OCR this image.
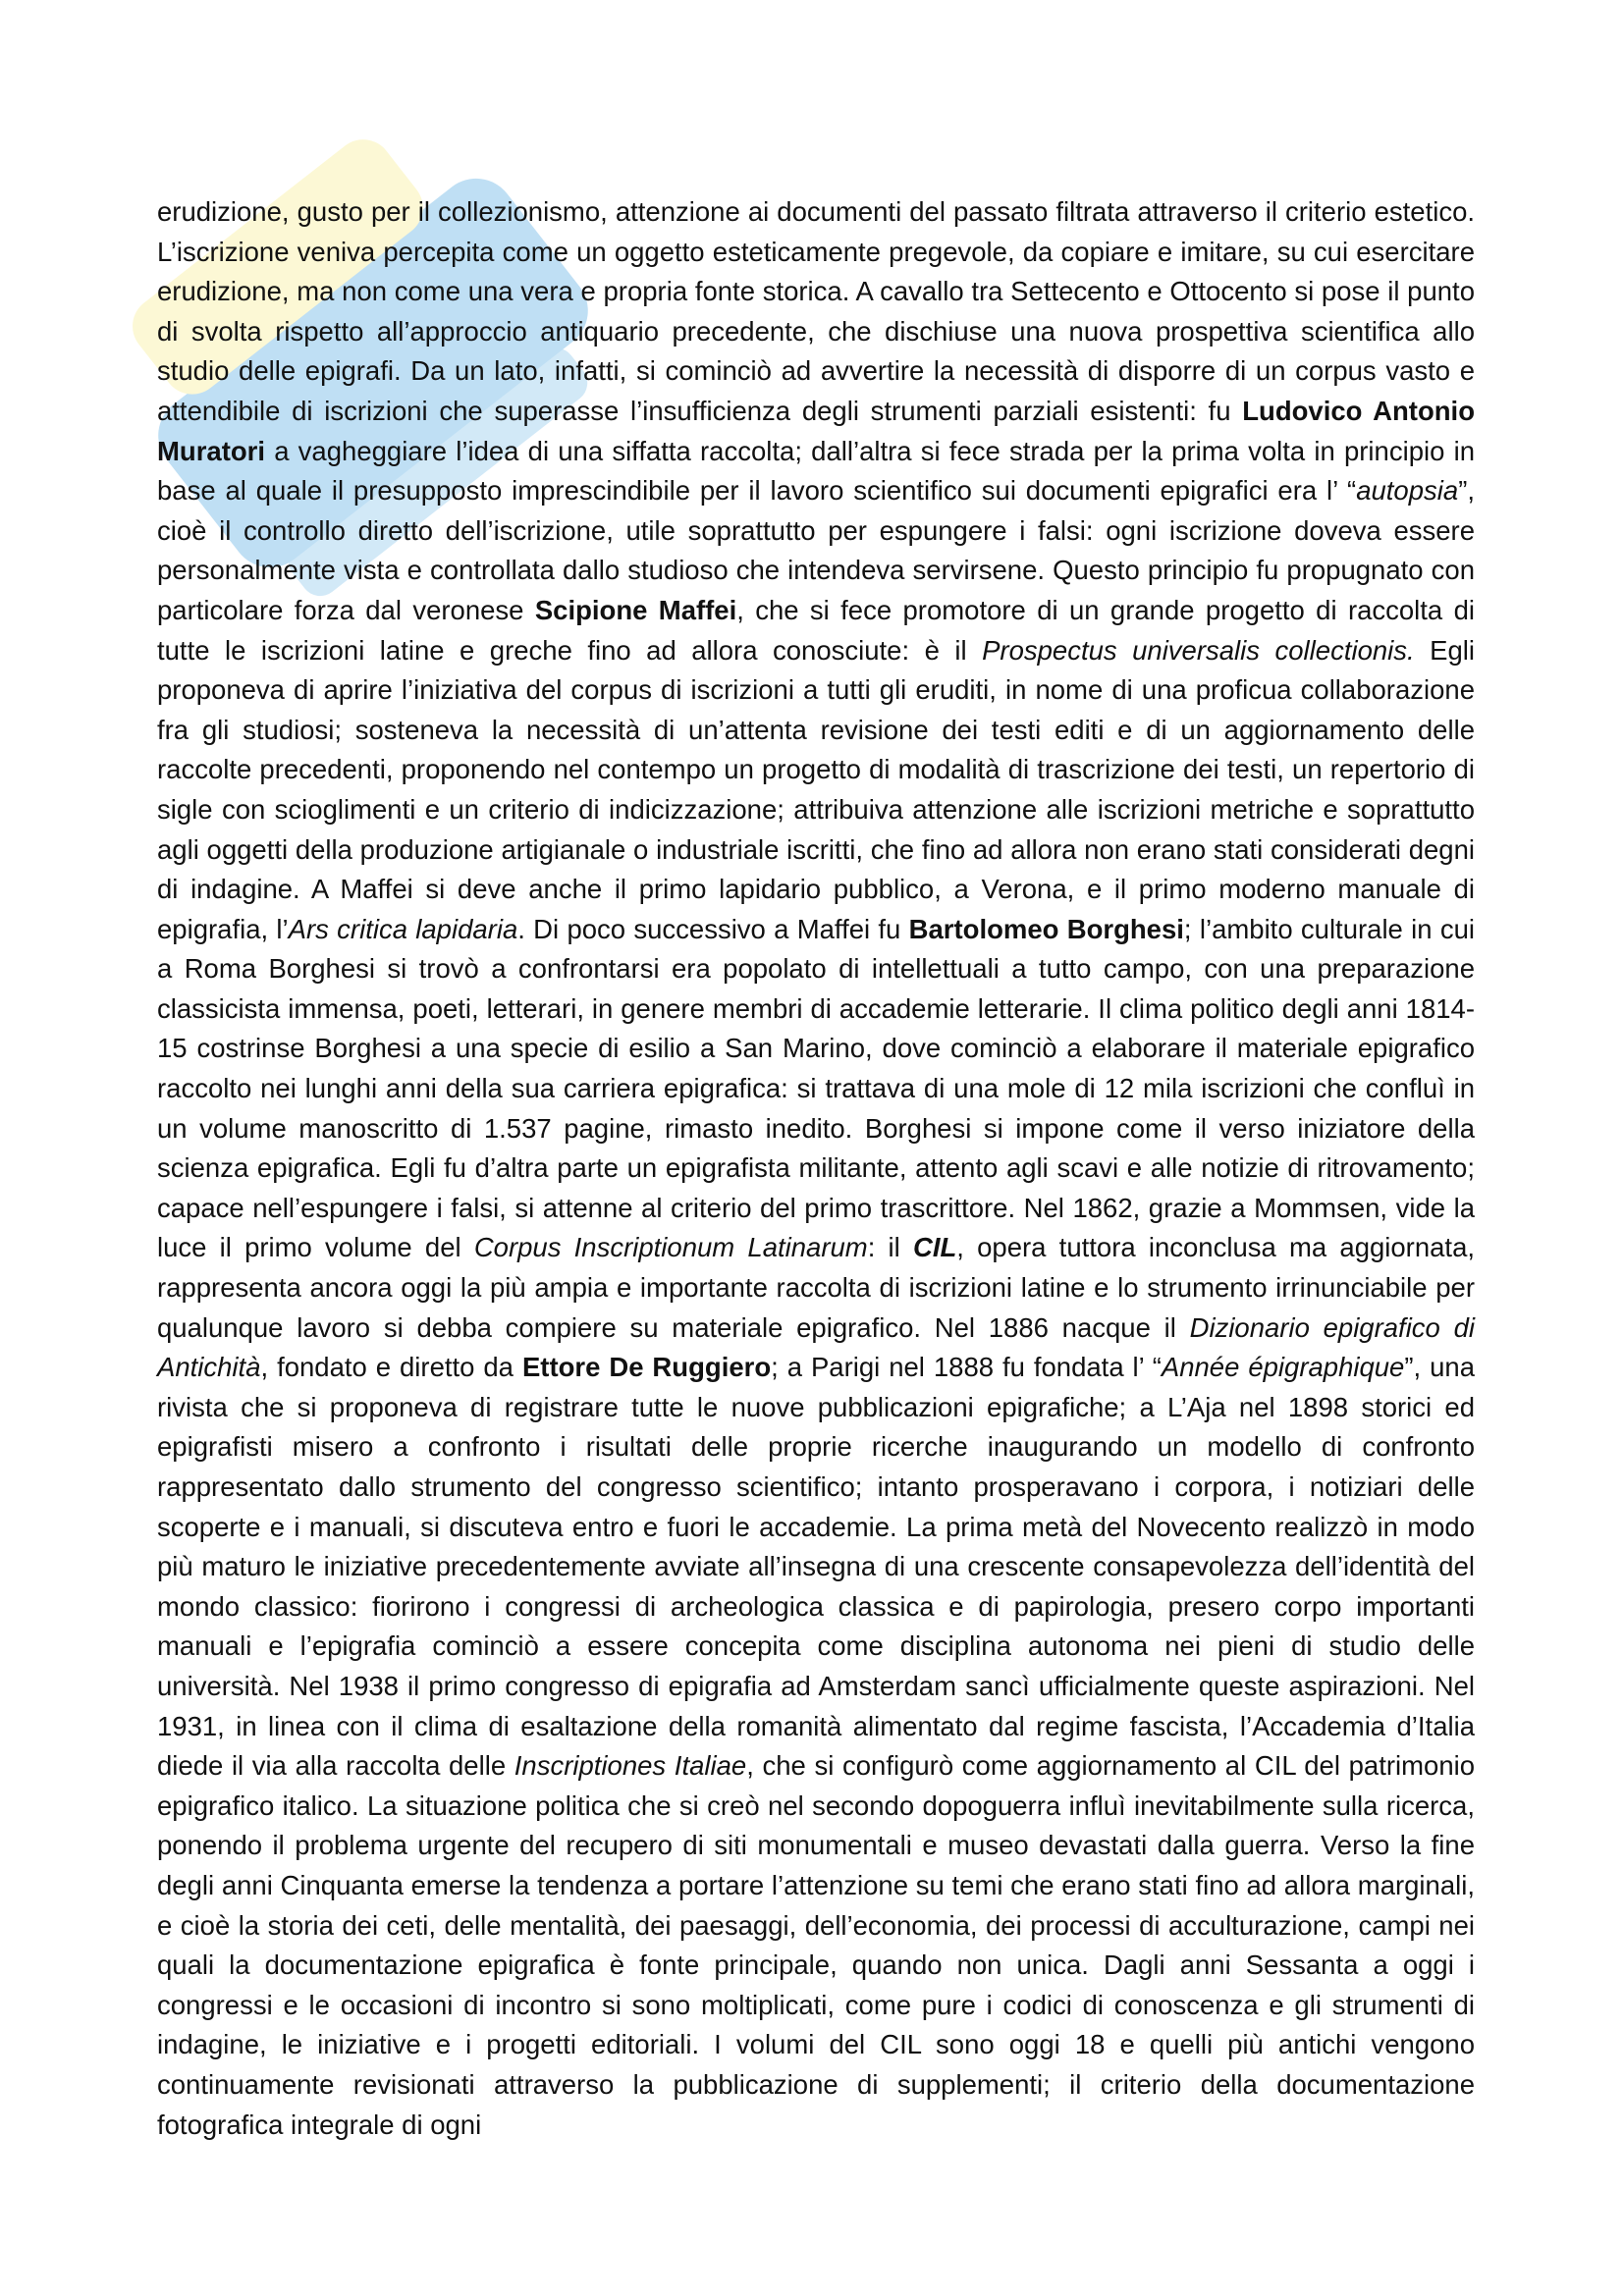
erudizione, gusto per il collezionismo, attenzione ai documenti del passato filtrata attraverso il criterio estetico. L’iscrizione veniva percepita come un oggetto esteticamente pregevole, da copiare e imitare, su cui esercitare erudizione, ma non come una vera e propria fonte storica. A cavallo tra Settecento e Ottocento si pose il punto di svolta rispetto all’approccio antiquario precedente, che dischiuse una nuova prospettiva scientifica allo studio delle epigrafi. Da un lato, infatti, si cominciò ad avvertire la necessità di disporre di un corpus vasto e attendibile di iscrizioni che superasse l’insufficienza degli strumenti parziali esistenti: fu Ludovico Antonio Muratori a vagheggiare l’idea di una siffatta raccolta; dall’altra si fece strada per la prima volta in principio in base al quale il presupposto imprescindibile per il lavoro scientifico sui documenti epigrafici era l’ “autopsia”, cioè il controllo diretto dell’iscrizione, utile soprattutto per espungere i falsi: ogni iscrizione doveva essere personalmente vista e controllata dallo studioso che intendeva servirsene. Questo principio fu propugnato con particolare forza dal veronese Scipione Maffei, che si fece promotore di un grande progetto di raccolta di tutte le iscrizioni latine e greche fino ad allora conosciute: è il Prospectus universalis collectionis. Egli proponeva di aprire l’iniziativa del corpus di iscrizioni a tutti gli eruditi, in nome di una proficua collaborazione fra gli studiosi; sosteneva la necessità di un’attenta revisione dei testi editi e di un aggiornamento delle raccolte precedenti, proponendo nel contempo un progetto di modalità di trascrizione dei testi, un repertorio di sigle con scioglimenti e un criterio di indicizzazione; attribuiva attenzione alle iscrizioni metriche e soprattutto agli oggetti della produzione artigianale o industriale iscritti, che fino ad allora non erano stati considerati degni di indagine. A Maffei si deve anche il primo lapidario pubblico, a Verona, e il primo moderno manuale di epigrafia, l’Ars critica lapidaria. Di poco successivo a Maffei fu Bartolomeo Borghesi; l’ambito culturale in cui a Roma Borghesi si trovò a confrontarsi era popolato di intellettuali a tutto campo, con una preparazione classicista immensa, poeti, letterari, in genere membri di accademie letterarie. Il clima politico degli anni 1814-15 costrinse Borghesi a una specie di esilio a San Marino, dove cominciò a elaborare il materiale epigrafico raccolto nei lunghi anni della sua carriera epigrafica: si trattava di una mole di 12 mila iscrizioni che confluì in un volume manoscritto di 1.537 pagine, rimasto inedito. Borghesi si impone come il verso iniziatore della scienza epigrafica. Egli fu d’altra parte un epigrafista militante, attento agli scavi e alle notizie di ritrovamento; capace nell’espungere i falsi, si attenne al criterio del primo trascrittore. Nel 1862, grazie a Mommsen, vide la luce il primo volume del Corpus Inscriptionum Latinarum: il CIL, opera tuttora inconclusa ma aggiornata, rappresenta ancora oggi la più ampia e importante raccolta di iscrizioni latine e lo strumento irrinunciabile per qualunque lavoro si debba compiere su materiale epigrafico. Nel 1886 nacque il Dizionario epigrafico di Antichità, fondato e diretto da Ettore De Ruggiero; a Parigi nel 1888 fu fondata l’ “Année épigraphique”, una rivista che si proponeva di registrare tutte le nuove pubblicazioni epigrafiche; a L’Aja nel 1898 storici ed epigrafisti misero a confronto i risultati delle proprie ricerche inaugurando un modello di confronto rappresentato dallo strumento del congresso scientifico; intanto prosperavano i corpora, i notiziari delle scoperte e i manuali, si discuteva entro e fuori le accademie. La prima metà del Novecento realizzò in modo più maturo le iniziative precedentemente avviate all’insegna di una crescente consapevolezza dell’identità del mondo classico: fiorirono i congressi di archeologica classica e di papirologia, presero corpo importanti manuali e l’epigrafia cominciò a essere concepita come disciplina autonoma nei pieni di studio delle università. Nel 1938 il primo congresso di epigrafia ad Amsterdam sancì ufficialmente queste aspirazioni. Nel 1931, in linea con il clima di esaltazione della romanità alimentato dal regime fascista, l’Accademia d’Italia diede il via alla raccolta delle Inscriptiones Italiae, che si configurò come aggiornamento al CIL del patrimonio epigrafico italico. La situazione politica che si creò nel secondo dopoguerra influì inevitabilmente sulla ricerca, ponendo il problema urgente del recupero di siti monumentali e museo devastati dalla guerra. Verso la fine degli anni Cinquanta emerse la tendenza a portare l’attenzione su temi che erano stati fino ad allora marginali, e cioè la storia dei ceti, delle mentalità, dei paesaggi, dell’economia, dei processi di acculturazione, campi nei quali la documentazione epigrafica è fonte principale, quando non unica. Dagli anni Sessanta a oggi i congressi e le occasioni di incontro si sono moltiplicati, come pure i codici di conoscenza e gli strumenti di indagine, le iniziative e i progetti editoriali. I volumi del CIL sono oggi 18 e quelli più antichi vengono continuamente revisionati attraverso la pubblicazione di supplementi; il criterio della documentazione fotografica integrale di ogni
